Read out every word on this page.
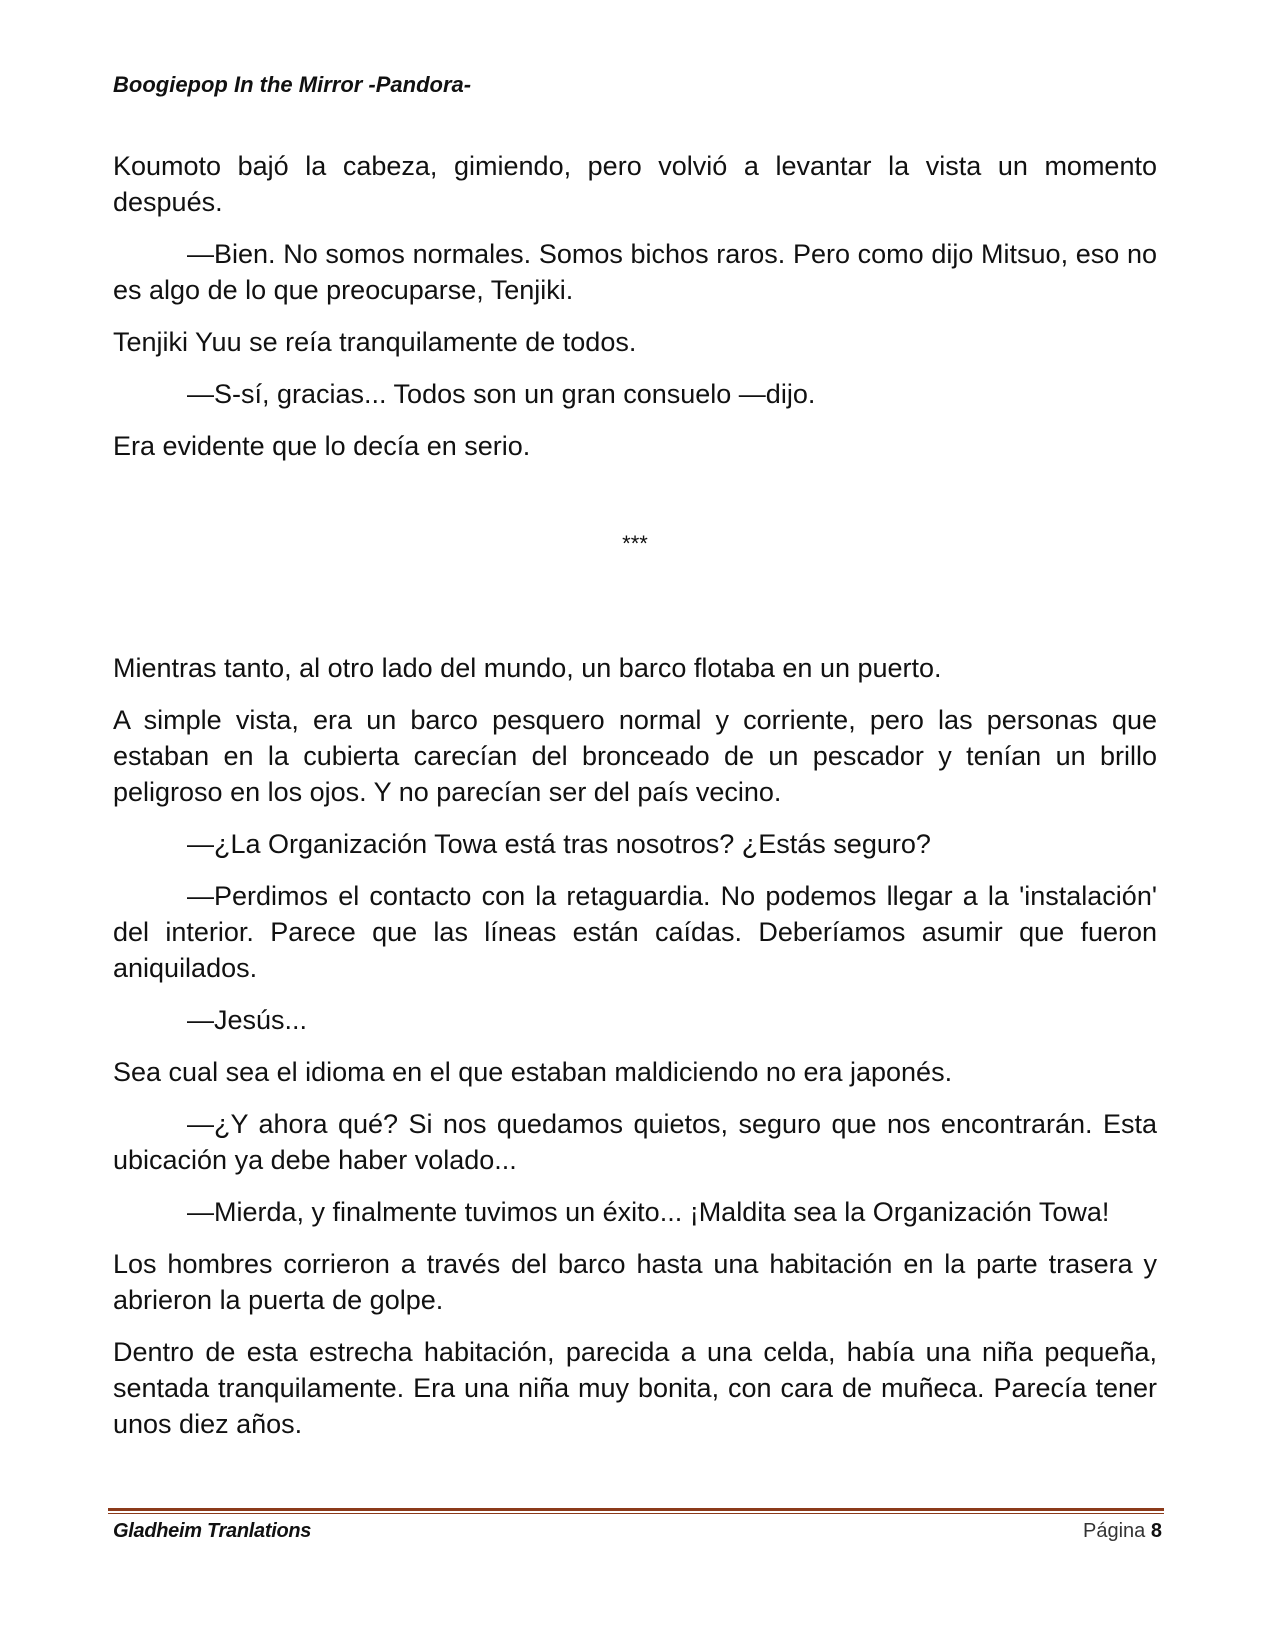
Boogiepop In the Mirror -Pandora-

Koumoto bajó la cabeza, gimiendo, pero volvió a levantar la vista un momento después.

—Bien. No somos normales. Somos bichos raros. Pero como dijo Mitsuo, eso no es algo de lo que preocuparse, Tenjiki.

Tenjiki Yuu se reía tranquilamente de todos.

—S-sí, gracias... Todos son un gran consuelo —dijo.

Era evidente que lo decía en serio.

***

Mientras tanto, al otro lado del mundo, un barco flotaba en un puerto.

A simple vista, era un barco pesquero normal y corriente, pero las personas que estaban en la cubierta carecían del bronceado de un pescador y tenían un brillo peligroso en los ojos. Y no parecían ser del país vecino.

—¿La Organización Towa está tras nosotros? ¿Estás seguro?

—Perdimos el contacto con la retaguardia. No podemos llegar a la 'instalación' del interior. Parece que las líneas están caídas. Deberíamos asumir que fueron aniquilados.

—Jesús...

Sea cual sea el idioma en el que estaban maldiciendo no era japonés.

—¿Y ahora qué? Si nos quedamos quietos, seguro que nos encontrarán. Esta ubicación ya debe haber volado...

—Mierda, y finalmente tuvimos un éxito... ¡Maldita sea la Organización Towa!

Los hombres corrieron a través del barco hasta una habitación en la parte trasera y abrieron la puerta de golpe.

Dentro de esta estrecha habitación, parecida a una celda, había una niña pequeña, sentada tranquilamente. Era una niña muy bonita, con cara de muñeca. Parecía tener unos diez años.

Gladheim Tranlations	Página 8
